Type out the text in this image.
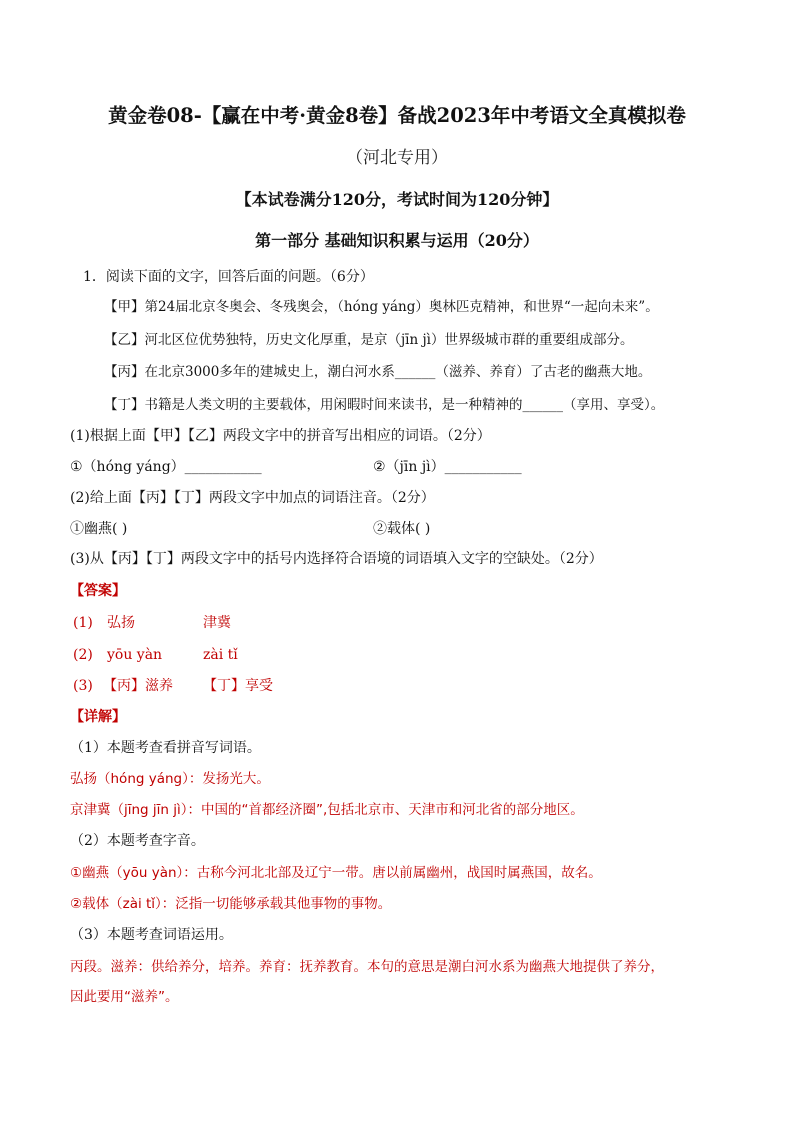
黄金卷08-【赢在中考·黄金8卷】备战2023年中考语文全真模拟卷
（河北专用）
【本试卷满分120分，考试时间为120分钟】
第一部分 基础知识积累与运用（20分）
1．阅读下面的文字，回答后面的问题。（6分）
【甲】第24届北京冬奥会、冬残奥会，（hóng yáng）奥林匹克精神，和世界“一起向未来”。
【乙】河北区位优势独特，历史文化厚重，是京（jīn jì）世界级城市群的重要组成部分。
【丙】在北京3000多年的建城史上，潮白河水系______（滋养、养育）了古老的幽燕大地。
【丁】书籍是人类文明的主要载体，用闲暇时间来读书，是一种精神的______（享用、享受）。
(1)根据上面【甲】【乙】两段文字中的拼音写出相应的词语。（2分）
①（hóng yáng）___________	②（jīn jì）___________
(2)给上面【丙】【丁】两段文字中加点的词语注音。（2分）
①幽燕( )	②载体( )
(3)从【丙】【丁】两段文字中的括号内选择符合语境的词语填入文字的空缺处。（2分）
【答案】
(1) 弘扬	津冀
(2) yōu yàn	zài tǐ
(3) 【丙】滋养 【丁】享受
【详解】
（1）本题考查看拼音写词语。
弘扬（hóng yáng）：发扬光大。
京津冀（jīng jīn jì）：中国的“首都经济圈”,包括北京市、天津市和河北省的部分地区。
（2）本题考查字音。
①幽燕（yōu yàn）：古称今河北北部及辽宁一带。唐以前属幽州，战国时属燕国，故名。
②载体（zài tǐ）：泛指一切能够承载其他事物的事物。
（3）本题考查词语运用。
丙段。滋养：供给养分，培养。养育：抚养教育。本句的意思是潮白河水系为幽燕大地提供了养分，
因此要用“滋养”。
